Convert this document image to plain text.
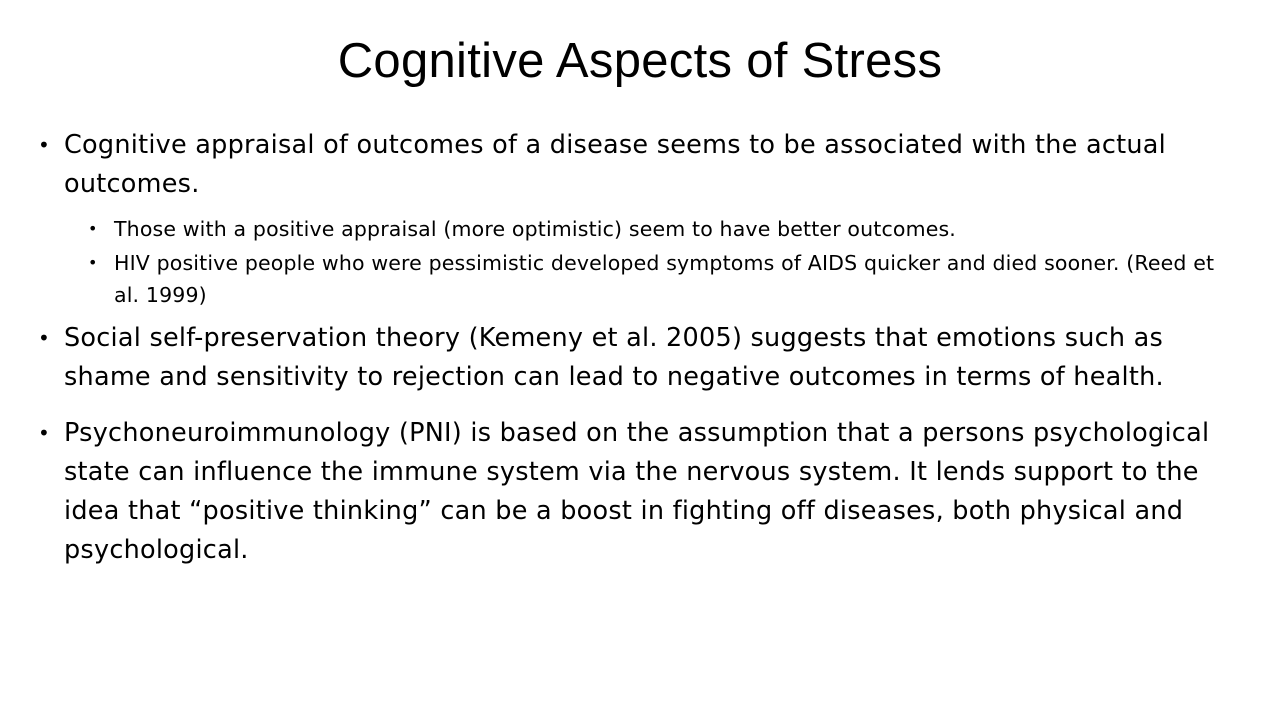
Cognitive Aspects of Stress
• Cognitive appraisal of outcomes of a disease seems to be associated with the actual outcomes.
• Those with a positive appraisal (more optimistic) seem to have better outcomes.
• HIV positive people who were pessimistic developed symptoms of AIDS quicker and died sooner. (Reed et al. 1999)
• Social self-preservation theory (Kemeny et al. 2005) suggests that emotions such as shame and sensitivity to rejection can lead to negative outcomes in terms of health.
• Psychoneuroimmunology (PNI) is based on the assumption that a persons psychological state can influence the immune system via the nervous system. It lends support to the idea that “positive thinking” can be a boost in fighting off diseases, both physical and psychological.
